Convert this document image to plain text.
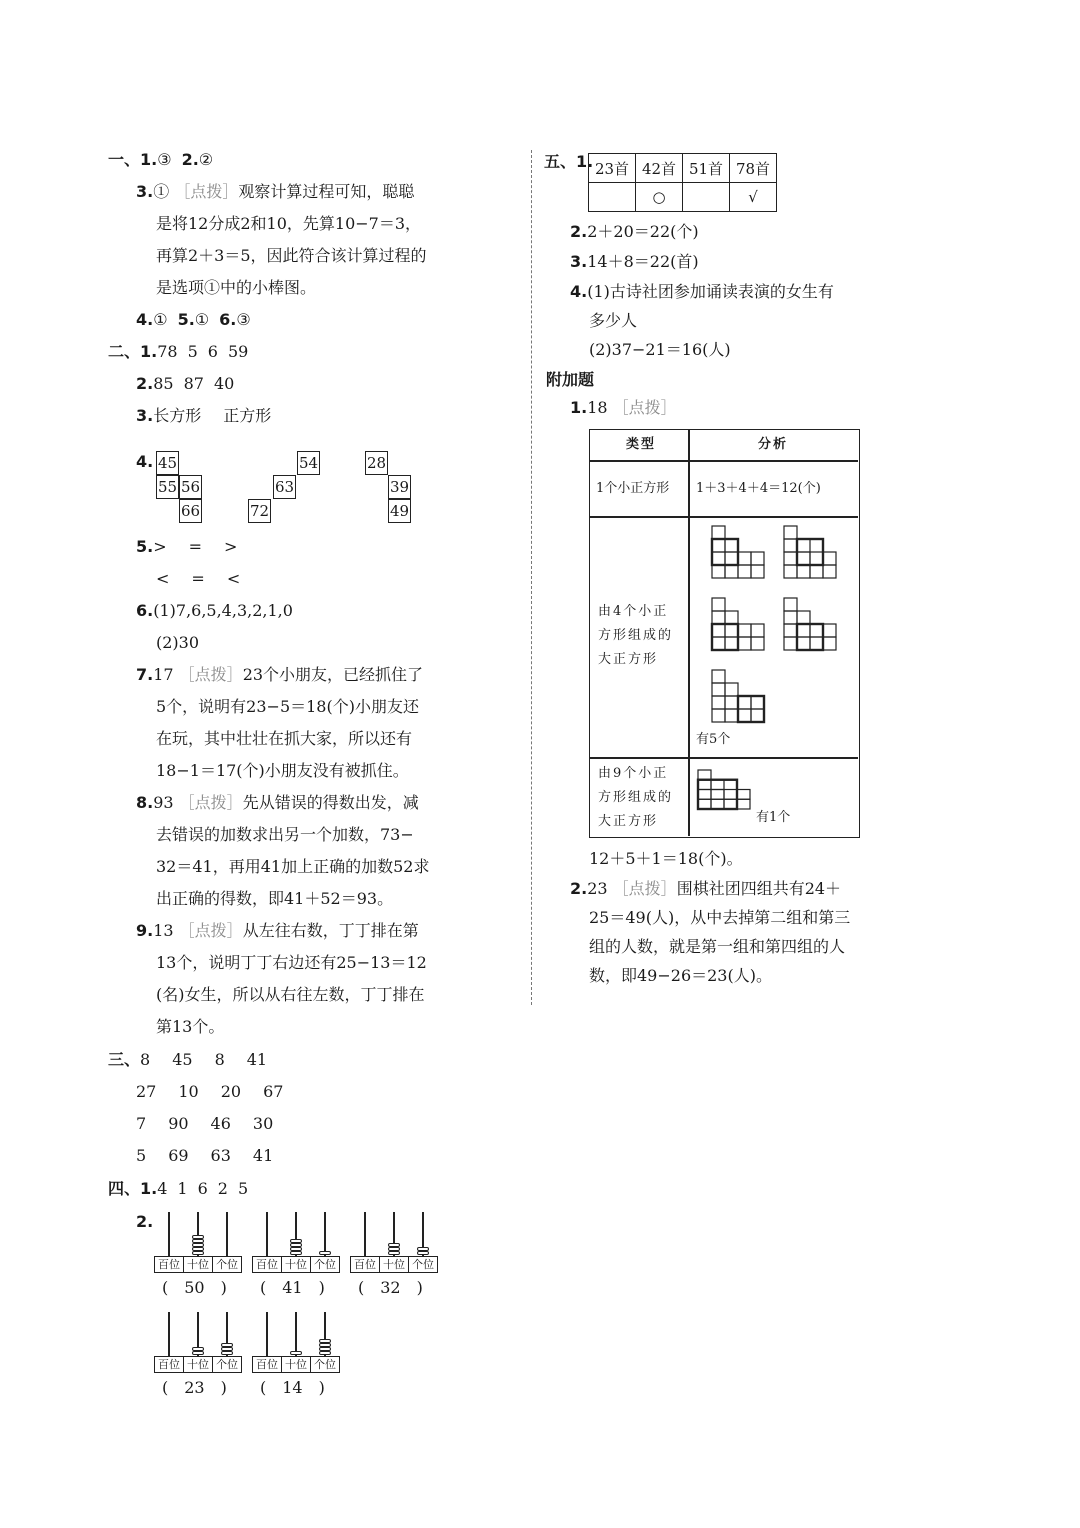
一、1.③ 2.②
3.① ［点拨］观察计算过程可知，聪聪
是将12分成2和10，先算10−7＝3，
再算2＋3＝5，因此符合该计算过程的
是选项①中的小棒图。
4.① 5.① 6.③
二、1.78 5 6 59
2.85 87 40
3.长方形 正方形
4. 45
55 56
66
54
63
72
28
39
49
5.> = >
< = <
6.(1)7,6,5,4,3,2,1,0
(2)30
7.17 ［点拨］23个小朋友，已经抓住了
5个，说明有23−5＝18(个)小朋友还
在玩，其中壮壮在抓大家，所以还有
18−1＝17(个)小朋友没有被抓住。
8.93 ［点拨］先从错误的得数出发，减
去错误的加数求出另一个加数，73−
32＝41，再用41加上正确的加数52求
出正确的得数，即41＋52＝93。
9.13 ［点拨］从左往右数，丁丁排在第
13个，说明丁丁右边还有25−13＝12
(名)女生，所以从右往左数，丁丁排在
第13个。
三、8 45 8 41
27 10 20 67
7 90 46 30
5 69 63 41
四、1.4 1 6 2 5
2.
百位 十位 个位
( 50 )
百位 十位 个位
( 41 )
百位 十位 个位
( 32 )
百位 十位 个位
( 23 )
百位 十位 个位
( 14 )
五、1. 23首	42首	51首	78首
	○		√
2.2＋20＝22(个)
3.14＋8＝22(首)
4.(1)古诗社团参加诵读表演的女生有
多少人
(2)37−21＝16(人)
附加题
1.18 ［点拨］
类型	分析
1个小正方形 1＋3＋4＋4＝12(个)
由4个小正
方形组成的
大正方形
有5个
由9个小正
方形组成的
大正方形	有1个
12＋5＋1＝18(个)。
2.23 ［点拨］围棋社团四组共有24＋
25＝49(人)，从中去掉第二组和第三
组的人数，就是第一组和第四组的人
数，即49−26＝23(人)。
